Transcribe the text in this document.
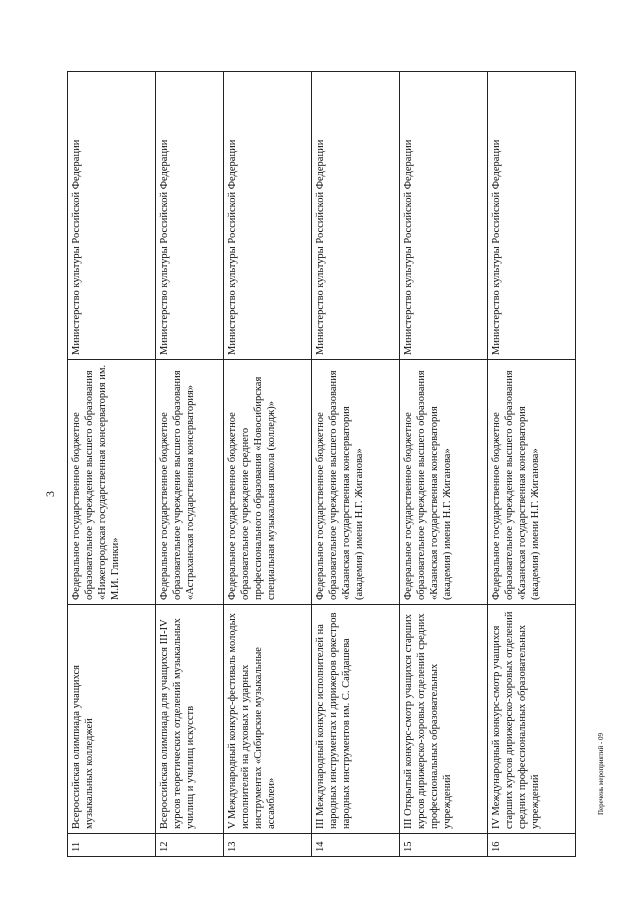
3
11	Всероссийская олимпиада учащихся музыкальных колледжей	Федеральное государственное бюджетное образовательное учреждение высшего образования «Нижегородская государственная консерватория им. М.И. Глинки»	Министерство культуры Российской Федерации
12	Всероссийская олимпиада для учащихся III-IV курсов теоретических отделений музыкальных училищ и училищ искусств	Федеральное государственное бюджетное образовательное учреждение высшего образования «Астраханская государственная консерватория»	Министерство культуры Российской Федерации
13	V Международный конкурс-фестиваль молодых исполнителей на духовых и ударных инструментах «Сибирские музыкальные ассамблеи»	Федеральное государственное бюджетное образовательное учреждение среднего профессионального образования «Новосибирская специальная музыкальная школа (колледж)»	Министерство культуры Российской Федерации
14	III Международный конкурс исполнителей на народных инструментах и дирижеров оркестров народных инструментов им. С. Сайдашева	Федеральное государственное бюджетное образовательное учреждение высшего образования «Казанская государственная консерватория (академия) имени Н.Г. Жиганова»	Министерство культуры Российской Федерации
15	III Открытый конкурс-смотр учащихся старших курсов дирижерско-хоровых отделений средних профессиональных образовательных учреждений	Федеральное государственное бюджетное образовательное учреждение высшего образования «Казанская государственная консерватория (академия) имени Н.Г. Жиганова»	Министерство культуры Российской Федерации
16	IV Международный конкурс-смотр учащихся старших курсов дирижерско-хоровых отделений средних профессиональных образовательных учреждений	Федеральное государственное бюджетное образовательное учреждение высшего образования «Казанская государственная консерватория (академия) имени Н.Г. Жиганова»	Министерство культуры Российской Федерации
Перечень мероприятий - 09
